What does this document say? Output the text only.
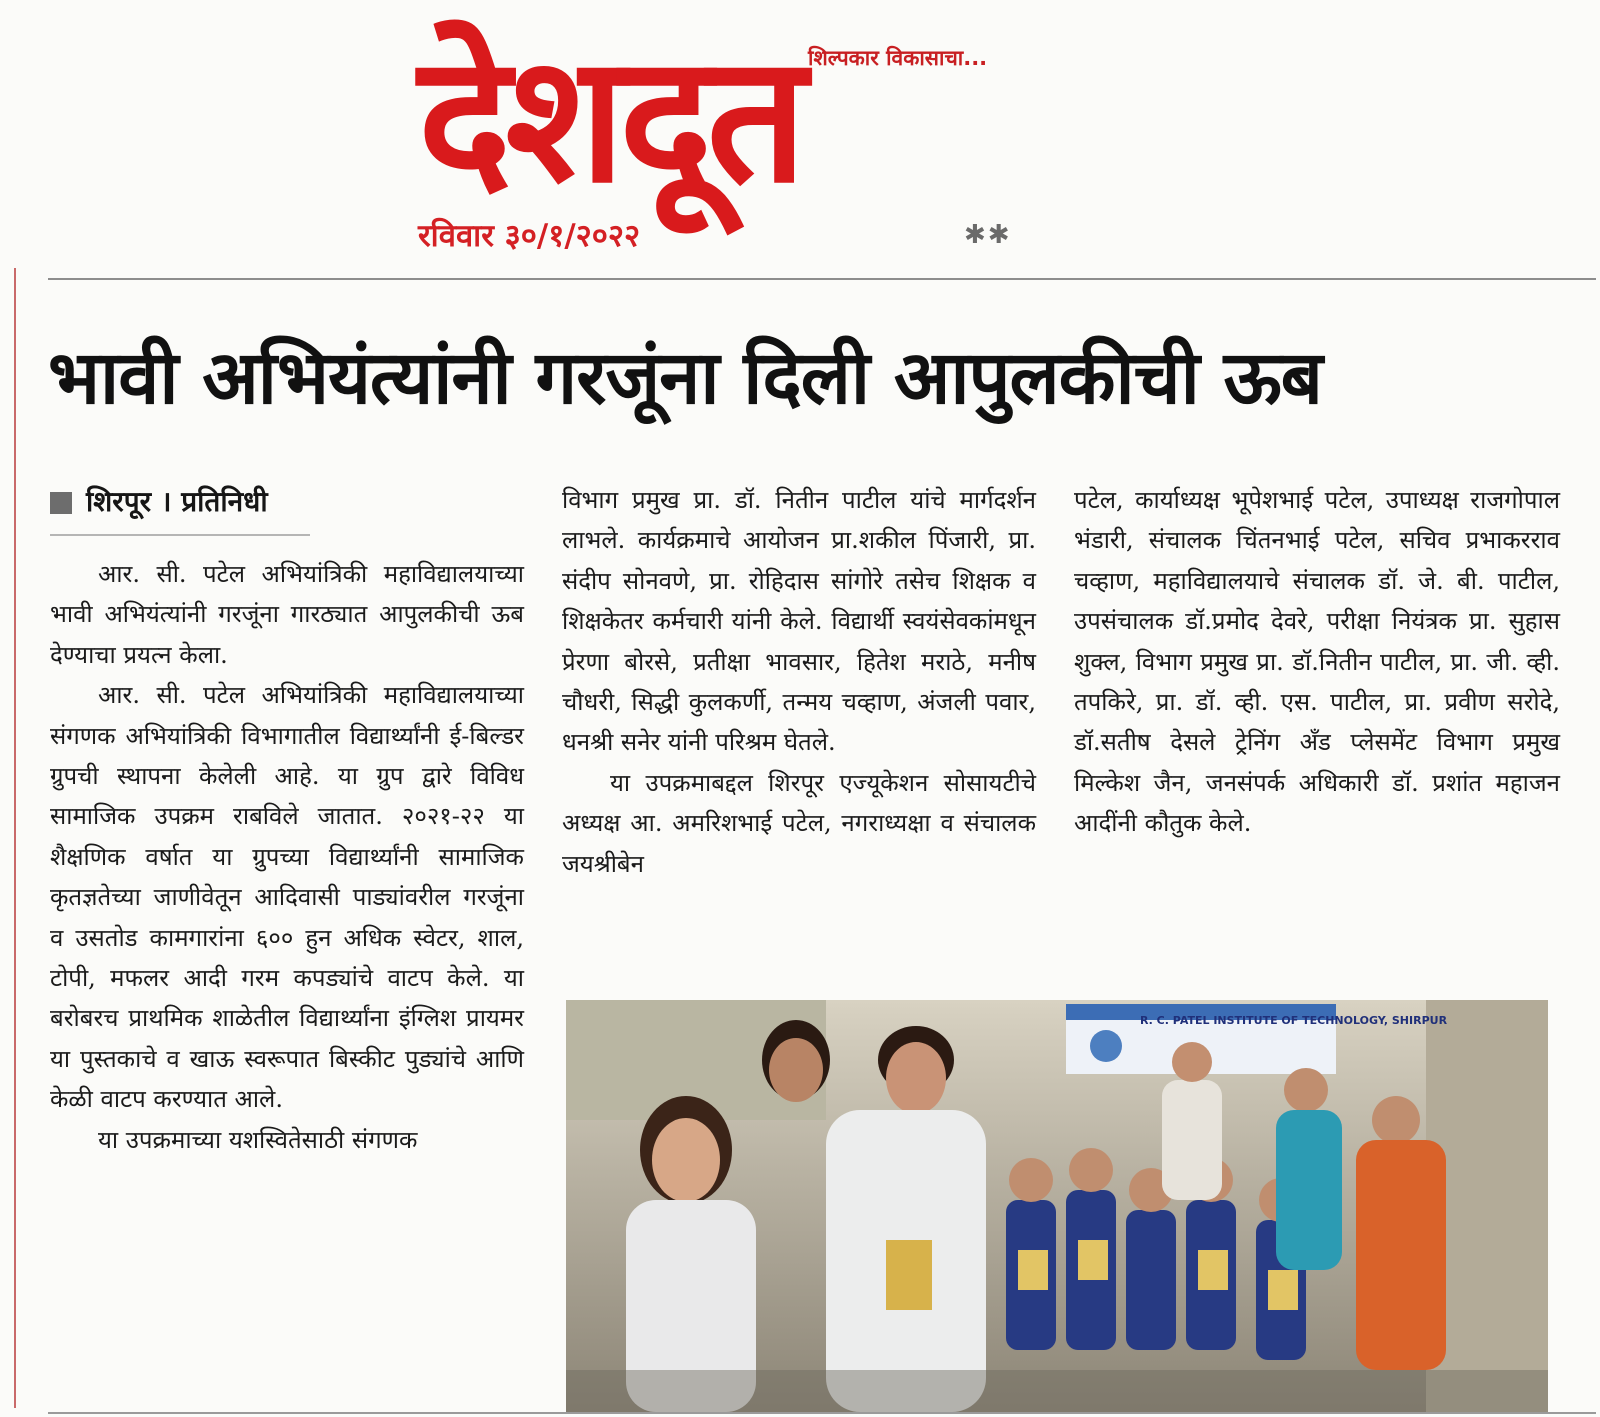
देशदूत शिल्पकार विकासाचा...
रविवार ३०/१/२०२२	✱✱
भावी अभियंत्यांनी गरजूंना दिली आपुलकीची ऊब
शिरपूर । प्रतिनिधी

आर. सी. पटेल अभियांत्रिकी महाविद्यालयाच्या भावी अभियंत्यांनी गरजूंना गारठ्यात आपुलकीची ऊब देण्याचा प्रयत्न केला.

आर. सी. पटेल अभियांत्रिकी महाविद्यालयाच्या संगणक अभियांत्रिकी विभागातील विद्यार्थ्यांनी ई-बिल्डर ग्रुपची स्थापना केलेली आहे. या ग्रुप द्वारे विविध सामाजिक उपक्रम राबविले जातात. २०२१-२२ या शैक्षणिक वर्षात या ग्रुपच्या विद्यार्थ्यांनी सामाजिक कृतज्ञतेच्या जाणीवेतून आदिवासी पाड्यांवरील गरजूंना व उसतोड कामगारांना ६०० हुन अधिक स्वेटर, शाल, टोपी, मफलर आदी गरम कपड्यांचे वाटप केले. या बरोबरच प्राथमिक शाळेतील विद्यार्थ्यांना इंग्लिश प्रायमर या पुस्तकाचे व खाऊ स्वरूपात बिस्कीट पुड्यांचे आणि केळी वाटप करण्यात आले.

या उपक्रमाच्या यशस्वितेसाठी संगणक

विभाग प्रमुख प्रा. डॉ. नितीन पाटील यांचे मार्गदर्शन लाभले. कार्यक्रमाचे आयोजन प्रा.शकील पिंजारी, प्रा. संदीप सोनवणे, प्रा. रोहिदास सांगोरे तसेच शिक्षक व शिक्षकेतर कर्मचारी यांनी केले. विद्यार्थी स्वयंसेवकांमधून प्रेरणा बोरसे, प्रतीक्षा भावसार, हितेश मराठे, मनीष चौधरी, सिद्धी कुलकर्णी, तन्मय चव्हाण, अंजली पवार, धनश्री सनेर यांनी परिश्रम घेतले.

या उपक्रमाबद्दल शिरपूर एज्यूकेशन सोसायटीचे अध्यक्ष आ. अमरिशभाई पटेल, नगराध्यक्षा व संचालक जयश्रीबेन

पटेल, कार्याध्यक्ष भूपेशभाई पटेल, उपाध्यक्ष राजगोपाल भंडारी, संचालक चिंतनभाई पटेल, सचिव प्रभाकरराव चव्हाण, महाविद्यालयाचे संचालक डॉ. जे. बी. पाटील, उपसंचालक डॉ.प्रमोद देवरे, परीक्षा नियंत्रक प्रा. सुहास शुक्ल, विभाग प्रमुख प्रा. डॉ.नितीन पाटील, प्रा. जी. व्ही. तपकिरे, प्रा. डॉ. व्ही. एस. पाटील, प्रा. प्रवीण सरोदे, डॉ.सतीष देसले ट्रेनिंग अँड प्लेसमेंट विभाग प्रमुख मिल्केश जैन, जनसंपर्क अधिकारी डॉ. प्रशांत महाजन आदींनी कौतुक केले.

R. C. PATEL INSTITUTE OF TECHNOLOGY, SHIRPUR
